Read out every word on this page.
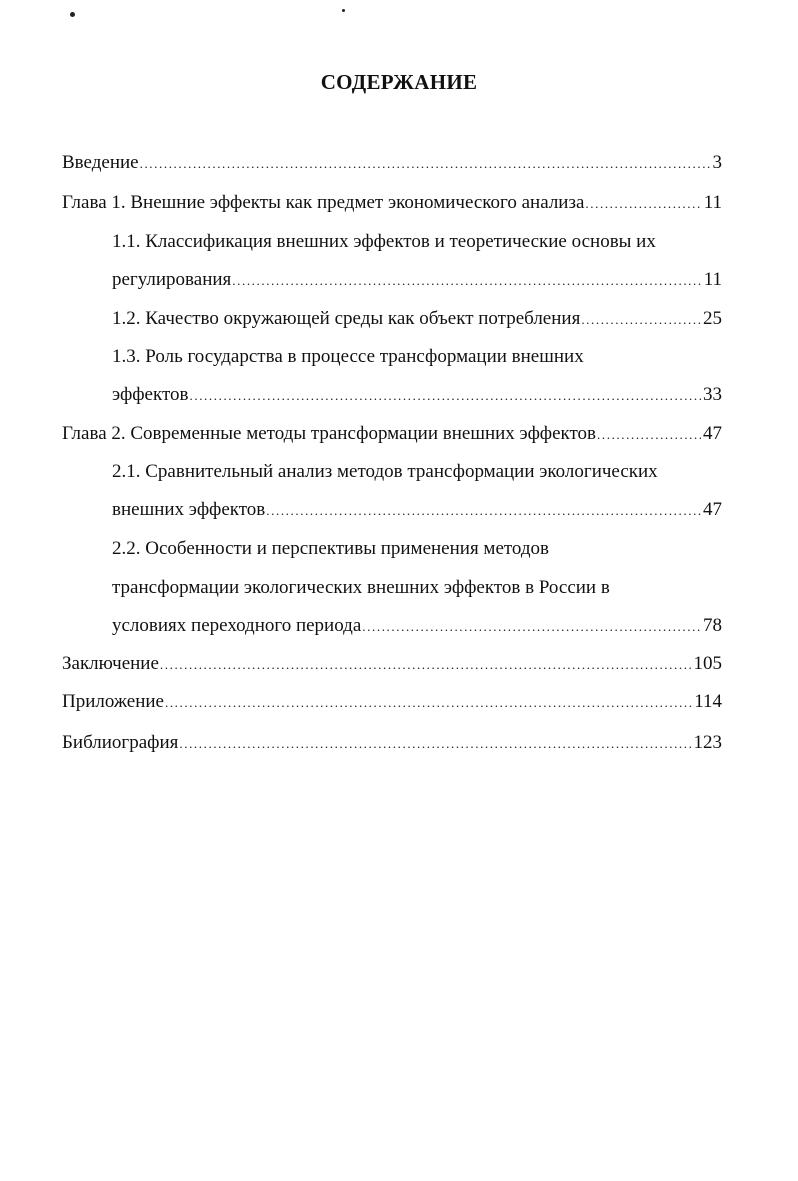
СОДЕРЖАНИЕ
Введение .....	3
Глава 1. Внешние эффекты как предмет экономического анализа .....	11
1.1. Классификация внешних эффектов и теоретические основы их
регулирования .....	11
1.2. Качество окружающей среды как объект потребления .....	25
1.3. Роль государства в процессе трансформации внешних
эффектов .....	33
Глава 2. Современные методы трансформации внешних эффектов .....	47
2.1. Сравнительный анализ методов трансформации экологических
внешних эффектов .....	47
2.2. Особенности и перспективы применения методов
трансформации экологических внешних эффектов в России в
условиях переходного периода .....	78
Заключение .....	105
Приложение .....	114
Библиография .....	123
